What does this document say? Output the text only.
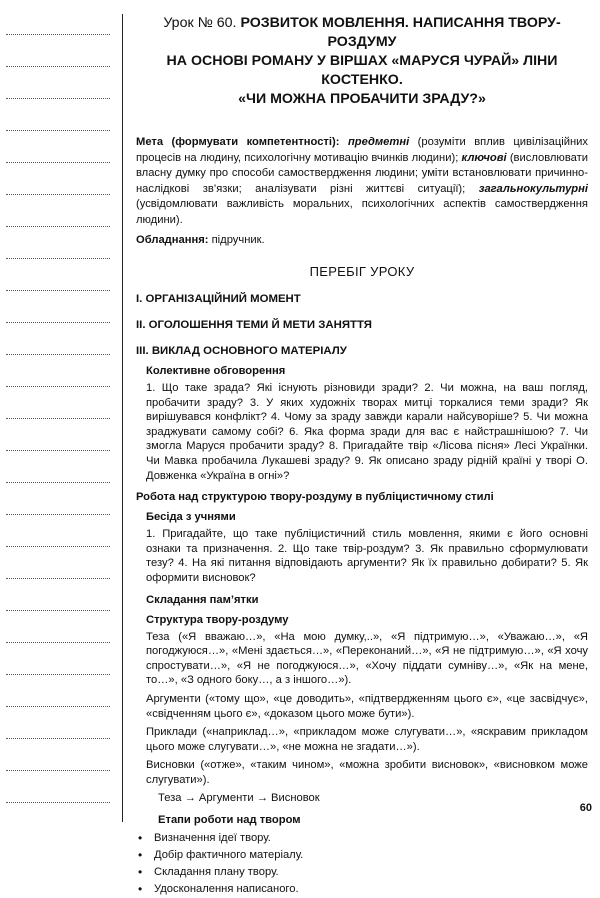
Урок № 60. РОЗВИТОК МОВЛЕННЯ. НАПИСАННЯ ТВОРУ-РОЗДУМУ
НА ОСНОВІ РОМАНУ У ВІРШАХ «МАРУСЯ ЧУРАЙ» ЛІНИ КОСТЕНКО.
«ЧИ МОЖНА ПРОБАЧИТИ ЗРАДУ?»
Мета (формувати компетентності): предметні (розуміти вплив цивілізаційних процесів на людину, психологічну мотивацію вчинків людини); ключові (висловлювати власну думку про способи самоствердження людини; уміти встановлювати причинно-наслідкові зв’язки; аналізувати різні життєві ситуації); загальнокультурні (усвідомлювати важливість моральних, психологічних аспектів самоствердження людини).
Обладнання: підручник.
ПЕРЕБІГ УРОКУ
І. ОРГАНІЗАЦІЙНИЙ МОМЕНТ
ІІ. ОГОЛОШЕННЯ ТЕМИ Й МЕТИ ЗАНЯТТЯ
ІІІ. ВИКЛАД ОСНОВНОГО МАТЕРІАЛУ
Колективне обговорення
1. Що таке зрада? Які існують різновиди зради? 2. Чи можна, на ваш погляд, пробачити зраду? 3. У яких художніх творах митці торкалися теми зради? Як вирішувався конфлікт? 4. Чому за зраду завжди карали найсуворіше? 5. Чи можна зраджувати самому собі? 6. Яка форма зради для вас є найстрашнішою? 7. Чи змогла Маруся пробачити зраду? 8. Пригадайте твір «Лісова пісня» Лесі Українки. Чи Мавка пробачила Лукашеві зраду? 9. Як описано зраду рідній країні у творі О. Довженка «Україна в огні»?
Робота над структурою твору-роздуму в публіцистичному стилі
Бесіда з учнями
1. Пригадайте, що таке публіцистичний стиль мовлення, якими є його основні ознаки та призначення. 2. Що таке твір-роздум? 3. Як правильно сформулювати тезу? 4. На які питання відповідають аргументи? Як їх правильно добирати? 5. Як оформити висновок?
Складання пам’ятки
Структура твору-роздуму
Теза («Я вважаю…», «На мою думку,..», «Я підтримую…», «Уважаю…», «Я погоджуюся…», «Мені здається…», «Переконаний…», «Я не підтримую…», «Я хочу спростувати…», «Я не погоджуюся…», «Хочу піддати сумніву…», «Як на мене, то…», «З одного боку…, а з іншого…»).
Аргументи («тому що», «це доводить», «підтвердженням цього є», «це засвідчує», «свідченням цього є», «доказом цього може бути»).
Приклади («наприклад…», «прикладом може слугувати…», «яскравим прикладом цього може слугувати…», «не можна не згадати…»).
Висновки («отже», «таким чином», «можна зробити висновок», «висновком може слугувати»).
Теза → Аргументи → Висновок
Етапи роботи над твором
• Визначення ідеї твору.
• Добір фактичного матеріалу.
• Складання плану твору.
• Удосконалення написаного.
60
